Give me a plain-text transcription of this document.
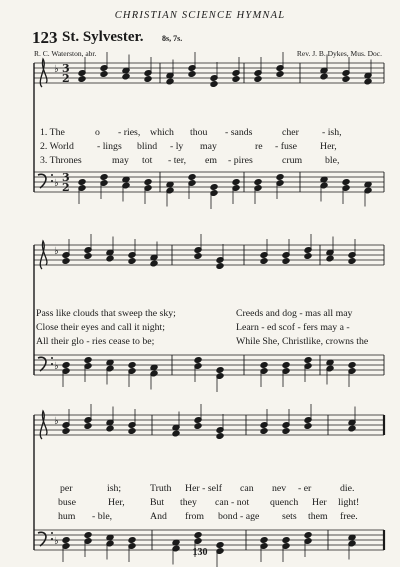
CHRISTIAN SCIENCE HYMNAL
123 St. Sylvester. 8s, 7s.
R. C. Waterston, abr.	Rev. J. B. Dykes, Mus. Doc.
♭
♭
♭
♭
♭
♭
3
2
3
2
1. The	o - ries, which thou - sands	cher - ish,
2. World - lings blind - ly may	re - fuse Her,
3. Thrones	may tot - ter, em - pires	crum ble,
Pass like clouds that sweep the sky;	Creeds and dog - mas all may
Close their eyes and call it night;	Learn - ed scof - fers may a -
All their glo - ries cease to be;	While She, Christlike, crowns the
per	ish;	Truth Her - self can nev - er	die.
buse	Her,	But they can - not quench Her light!
hum - ble,	And from bond - age sets them free.
130
